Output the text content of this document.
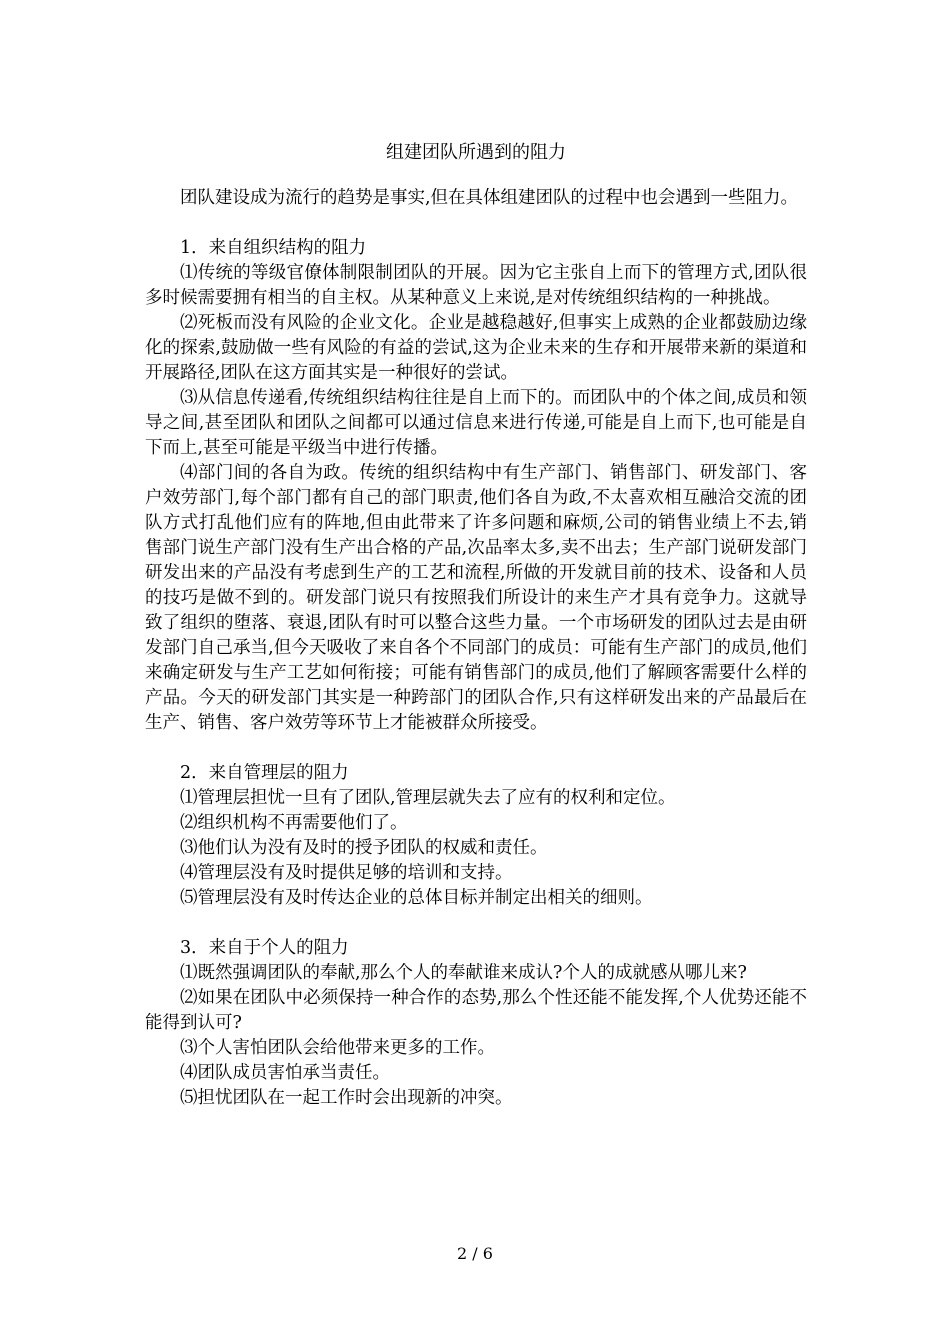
组建团队所遇到的阻力

团队建设成为流行的趋势是事实,但在具体组建团队的过程中也会遇到一些阻力。

1．来自组织结构的阻力

⑴传统的等级官僚体制限制团队的开展。因为它主张自上而下的管理方式,团队很多时候需要拥有相当的自主权。从某种意义上来说,是对传统组织结构的一种挑战。

⑵死板而没有风险的企业文化。企业是越稳越好,但事实上成熟的企业都鼓励边缘化的探索,鼓励做一些有风险的有益的尝试,这为企业未来的生存和开展带来新的渠道和开展路径,团队在这方面其实是一种很好的尝试。

⑶从信息传递看,传统组织结构往往是自上而下的。而团队中的个体之间,成员和领导之间,甚至团队和团队之间都可以通过信息来进行传递,可能是自上而下,也可能是自下而上,甚至可能是平级当中进行传播。

⑷部门间的各自为政。传统的组织结构中有生产部门、销售部门、研发部门、客户效劳部门,每个部门都有自己的部门职责,他们各自为政,不太喜欢相互融洽交流的团队方式打乱他们应有的阵地,但由此带来了许多问题和麻烦,公司的销售业绩上不去,销售部门说生产部门没有生产出合格的产品,次品率太多,卖不出去；生产部门说研发部门研发出来的产品没有考虑到生产的工艺和流程,所做的开发就目前的技术、设备和人员的技巧是做不到的。研发部门说只有按照我们所设计的来生产才具有竞争力。这就导致了组织的堕落、衰退,团队有时可以整合这些力量。一个市场研发的团队过去是由研发部门自己承当,但今天吸收了来自各个不同部门的成员：可能有生产部门的成员,他们来确定研发与生产工艺如何衔接；可能有销售部门的成员,他们了解顾客需要什么样的产品。今天的研发部门其实是一种跨部门的团队合作,只有这样研发出来的产品最后在生产、销售、客户效劳等环节上才能被群众所接受。

2．来自管理层的阻力

⑴管理层担忧一旦有了团队,管理层就失去了应有的权利和定位。

⑵组织机构不再需要他们了。

⑶他们认为没有及时的授予团队的权威和责任。

⑷管理层没有及时提供足够的培训和支持。

⑸管理层没有及时传达企业的总体目标并制定出相关的细则。

3．来自于个人的阻力

⑴既然强调团队的奉献,那么个人的奉献谁来成认?个人的成就感从哪儿来?

⑵如果在团队中必须保持一种合作的态势,那么个性还能不能发挥,个人优势还能不能得到认可?

⑶个人害怕团队会给他带来更多的工作。

⑷团队成员害怕承当责任。

⑸担忧团队在一起工作时会出现新的冲突。

2 / 6
